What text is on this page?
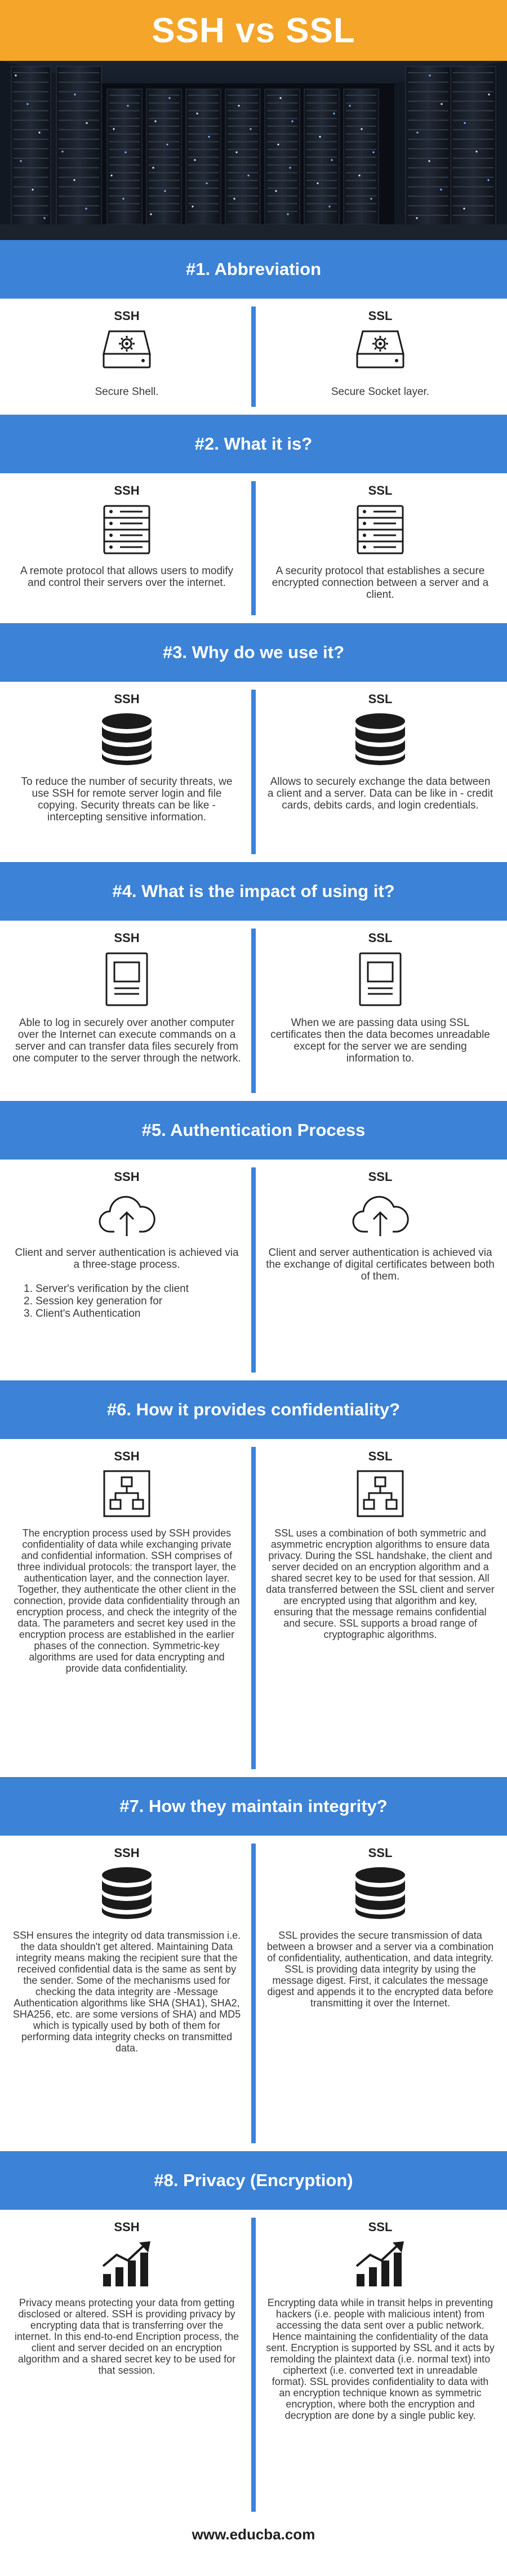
SSH vs SSL
#1. Abbreviation
SSH
Secure Shell.
SSL
Secure Socket layer.
#2. What it is?
SSH
A remote protocol that allows users to modify and control their servers over the internet.
SSL
A security protocol that establishes a secure encrypted connection between a server and a client.
#3. Why do we use it?
SSH
To reduce the number of security threats, we use SSH for remote server login and file copying. Security threats can be like - intercepting sensitive information.
SSL
Allows to securely exchange the data between a client and a server. Data can be like in - credit cards, debits cards, and login credentials.
#4. What is the impact of using it?
SSH
Able to log in securely over another computer over the Internet can execute commands on a server and can transfer data files securely from one computer to the server through the network.
SSL
When we are passing data using SSL certificates then the data becomes unreadable except for the server we are sending information to.
#5. Authentication Process
SSH
Client and server authentication is achieved via a three-stage process.
1. Server's verification by the client
2. Session key generation for
3. Client's Authentication
SSL
Client and server authentication is achieved via the exchange of digital certificates between both of them.
#6. How it provides confidentiality?
SSH
The encryption process used by SSH provides confidentiality of data while exchanging private and confidential information. SSH comprises of three individual protocols: the transport layer, the authentication layer, and the connection layer. Together, they authenticate the other client in the connection, provide data confidentiality through an encryption process, and check the integrity of the data. The parameters and secret key used in the encryption process are established in the earlier phases of the connection. Symmetric-key algorithms are used for data encrypting and provide data confidentiality.
SSL
SSL uses a combination of both symmetric and asymmetric encryption algorithms to ensure data privacy. During the SSL handshake, the client and server decided on an encryption algorithm and a shared secret key to be used for that session. All data transferred between the SSL client and server are encrypted using that algorithm and key, ensuring that the message remains confidential and secure. SSL supports a broad range of cryptographic algorithms.
#7. How they maintain integrity?
SSH
SSH ensures the integrity od data transmission i.e. the data shouldn't get altered. Maintaining Data integrity means making the recipient sure that the received confidential data is the same as sent by the sender. Some of the mechanisms used for checking the data integrity are -Message Authentication algorithms like SHA (SHA1), SHA2, SHA256, etc. are some versions of SHA) and MD5 which is typically used by both of them for performing data integrity checks on transmitted data.
SSL
SSL provides the secure transmission of data between a browser and a server via a combination of confidentiality, authentication, and data integrity. SSL is providing data integrity by using the message digest. First, it calculates the message digest and appends it to the encrypted data before transmitting it over the Internet.
#8. Privacy (Encryption)
SSH
Privacy means protecting your data from getting disclosed or altered. SSH is providing privacy by encrypting data that is transferring over the internet. In this end-to-end Encription process, the client and server decided on an encryption algorithm and a shared secret key to be used for that session.
SSL
Encrypting data while in transit helps in preventing hackers (i.e. people with malicious intent) from accessing the data sent over a public network. Hence maintaining the confidentiality of the data sent. Encryption is supported by SSL and it acts by remolding the plaintext data (i.e. normal text) into ciphertext (i.e. converted text in unreadable format). SSL provides confidentiality to data with an encryption technique known as symmetric encryption, where both the encryption and decryption are done by a single public key.
www.educba.com
